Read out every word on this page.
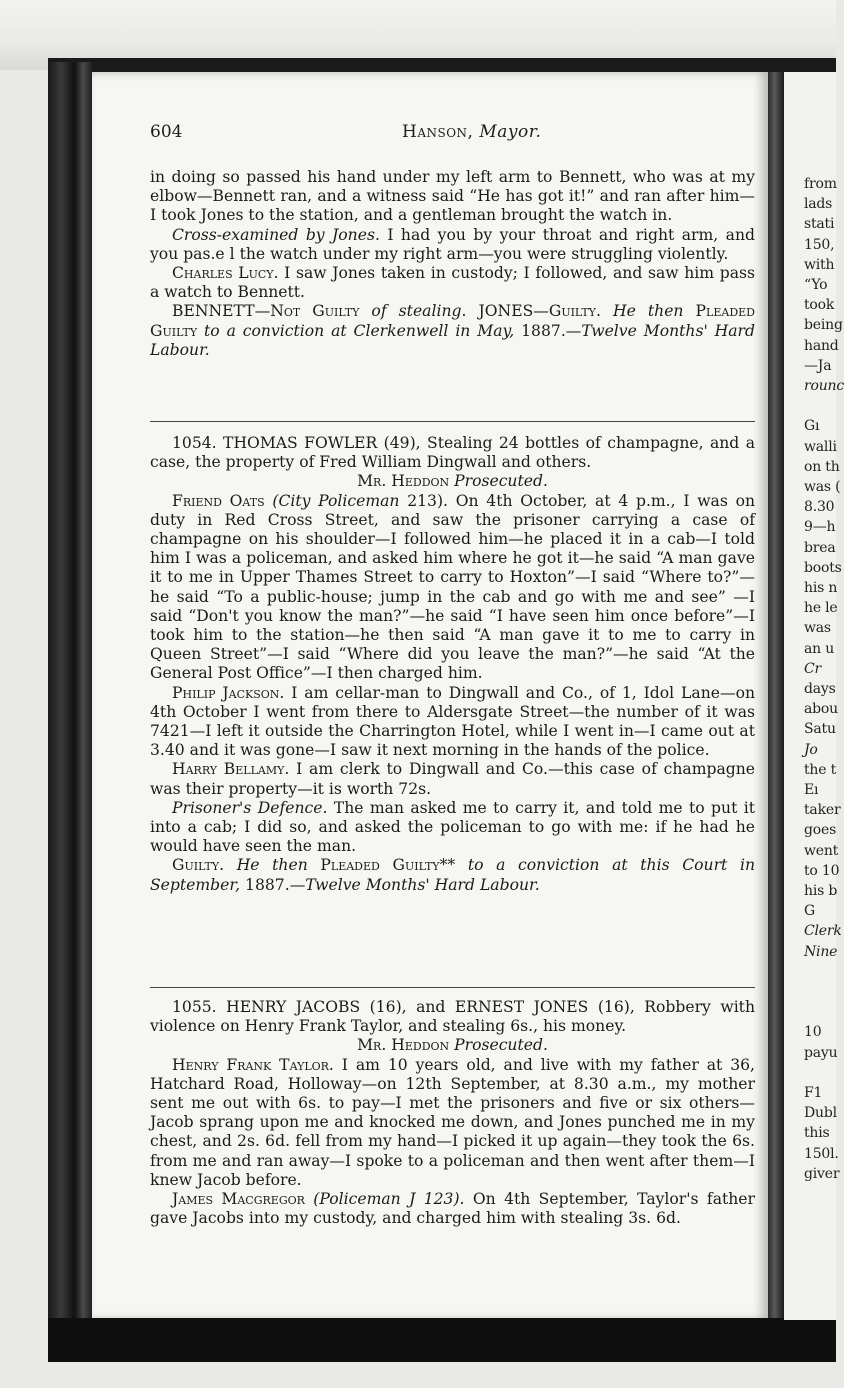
from
lads
stati
150,
with
“Yo
took
being
hand
—Ja
rounc
Gı
walli
on th
was (
8.30
9—h
brea
boots
his n
he le
was
an u
Cr
days
abou
Satu
Jo
the t
Eı
taker
goes
went
to 10
his b
G
Clerk
Nine
10
payu
F1
Dubl
this
150l.
giver
604	Hanson, Mayor.

in doing so passed his hand under my left arm to Bennett, who was at my elbow—Bennett ran, and a witness said “He has got it!” and ran after him—I took Jones to the station, and a gentleman brought the watch in.

Cross-examined by Jones. I had you by your throat and right arm, and you pas.e l the watch under my right arm—you were struggling violently.

Charles Lucy. I saw Jones taken in custody; I followed, and saw him pass a watch to Bennett.

BENNETT—Not Guilty of stealing. JONES—Guilty. He then Pleaded Guilty to a conviction at Clerkenwell in May, 1887.—Twelve Months' Hard Labour.

1054. THOMAS FOWLER (49), Stealing 24 bottles of champagne, and a case, the property of Fred William Dingwall and others.

Mr. Heddon Prosecuted.

Friend Oats (City Policeman 213). On 4th October, at 4 p.m., I was on duty in Red Cross Street, and saw the prisoner carrying a case of champagne on his shoulder—I followed him—he placed it in a cab—I told him I was a policeman, and asked him where he got it—he said “A man gave it to me in Upper Thames Street to carry to Hoxton”—I said “Where to?”—he said “To a public-house; jump in the cab and go with me and see” —I said “Don't you know the man?”—he said “I have seen him once before”—I took him to the station—he then said “A man gave it to me to carry in Queen Street”—I said “Where did you leave the man?”—he said “At the General Post Office”—I then charged him.

Philip Jackson. I am cellar-man to Dingwall and Co., of 1, Idol Lane—on 4th October I went from there to Aldersgate Street—the number of it was 7421—I left it outside the Charrington Hotel, while I went in—I came out at 3.40 and it was gone—I saw it next morning in the hands of the police.

Harry Bellamy. I am clerk to Dingwall and Co.—this case of champagne was their property—it is worth 72s.

Prisoner's Defence. The man asked me to carry it, and told me to put it into a cab; I did so, and asked the policeman to go with me: if he had he would have seen the man.

Guilty. He then Pleaded Guilty** to a conviction at this Court in September, 1887.—Twelve Months' Hard Labour.

1055. HENRY JACOBS (16), and ERNEST JONES (16), Robbery with violence on Henry Frank Taylor, and stealing 6s., his money.

Mr. Heddon Prosecuted.

Henry Frank Taylor. I am 10 years old, and live with my father at 36, Hatchard Road, Holloway—on 12th September, at 8.30 a.m., my mother sent me out with 6s. to pay—I met the prisoners and five or six others—Jacob sprang upon me and knocked me down, and Jones punched me in my chest, and 2s. 6d. fell from my hand—I picked it up again—they took the 6s. from me and ran away—I spoke to a policeman and then went after them—I knew Jacob before.

James Macgregor (Policeman J 123). On 4th September, Taylor's father gave Jacobs into my custody, and charged him with stealing 3s. 6d.
